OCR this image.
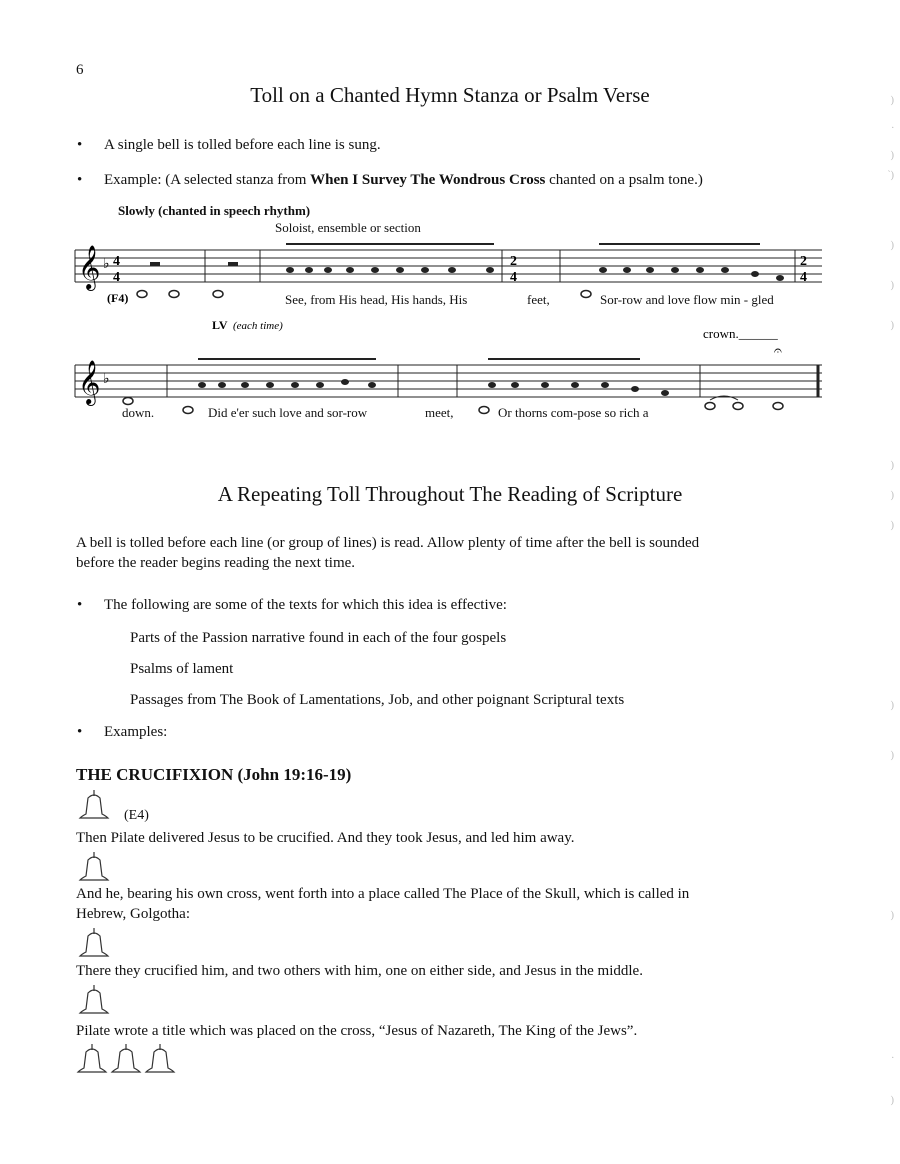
6
Toll on a Chanted Hymn Stanza or Psalm Verse
• A single bell is tolled before each line is sung.
• Example: (A selected stanza from When I Survey The Wondrous Cross chanted on a psalm tone.)
Slowly (chanted in speech rhythm)
Soloist, ensemble or section
𝄞 ♭ 4
4
2
4
2
4
(F4)
LV (each time)
𝄞 ♭
𝄐
crown.______
See, from His head, His hands, His	feet,	Sor-row and love flow min - gled
down.	Did e'er such love and sor-row	meet,	Or thorns com-pose so rich a
A Repeating Toll Throughout The Reading of Scripture
A bell is tolled before each line (or group of lines) is read. Allow plenty of time after the bell is sounded
before the reader begins reading the next time.
• The following are some of the texts for which this idea is effective:
Parts of the Passion narrative found in each of the four gospels
Psalms of lament
Passages from The Book of Lamentations, Job, and other poignant Scriptural texts
• Examples:
THE CRUCIFIXION (John 19:16-19)
(E4)
Then Pilate delivered Jesus to be crucified. And they took Jesus, and led him away.
And he, bearing his own cross, went forth into a place called The Place of the Skull, which is called in
Hebrew, Golgotha:
There they crucified him, and two others with him, one on either side, and Jesus in the middle.
Pilate wrote a title which was placed on the cross, “Jesus of Nazareth, The King of the Jews”.
)
.
)
`)
)
)
)
)
)
)
)
)
)
.
)
